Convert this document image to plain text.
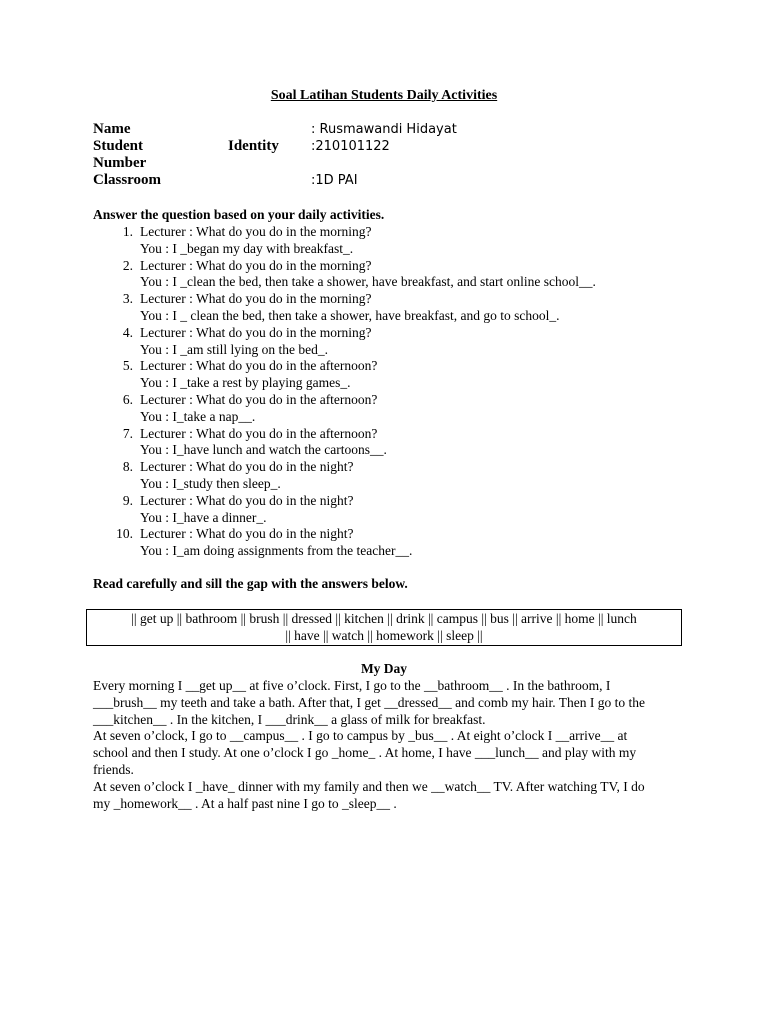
Soal Latihan Students Daily Activities
Name	: Rusmawandi Hidayat
Student	Identity :210101122
Number
Classroom	:1D PAI
Answer the question based on your daily activities.
1. Lecturer : What do you do in the morning?
You : I _began my day with breakfast_.
2. Lecturer : What do you do in the morning?
You : I _clean the bed, then take a shower, have breakfast, and start online school__.
3. Lecturer : What do you do in the morning?
You : I _ clean the bed, then take a shower, have breakfast, and go to school_.
4. Lecturer : What do you do in the morning?
You : I _am still lying on the bed_.
5. Lecturer : What do you do in the afternoon?
You : I _take a rest by playing games_.
6. Lecturer : What do you do in the afternoon?
You : I_take a nap__.
7. Lecturer : What do you do in the afternoon?
You : I_have lunch and watch the cartoons__.
8. Lecturer : What do you do in the night?
You : I_study then sleep_.
9. Lecturer : What do you do in the night?
You : I_have a dinner_.
10. Lecturer : What do you do in the night?
You : I_am doing assignments from the teacher__.
Read carefully and sill the gap with the answers below.
|| get up || bathroom || brush || dressed || kitchen || drink || campus || bus || arrive || home || lunch
|| have || watch || homework || sleep ||
My Day

Every morning I __get up__ at five o’clock. First, I go to the __bathroom__ . In the bathroom, I ___brush__ my teeth and take a bath. After that, I get __dressed__ and comb my hair. Then I go to the ___kitchen__ . In the kitchen, I ___drink__ a glass of milk for breakfast.

At seven o’clock, I go to __campus__ . I go to campus by _bus__ . At eight o’clock I __arrive__ at school and then I study. At one o’clock I go _home_ . At home, I have ___lunch__ and play with my friends.

At seven o’clock I _have_ dinner with my family and then we __watch__ TV. After watching TV, I do my _homework__ . At a half past nine I go to _sleep__ .
